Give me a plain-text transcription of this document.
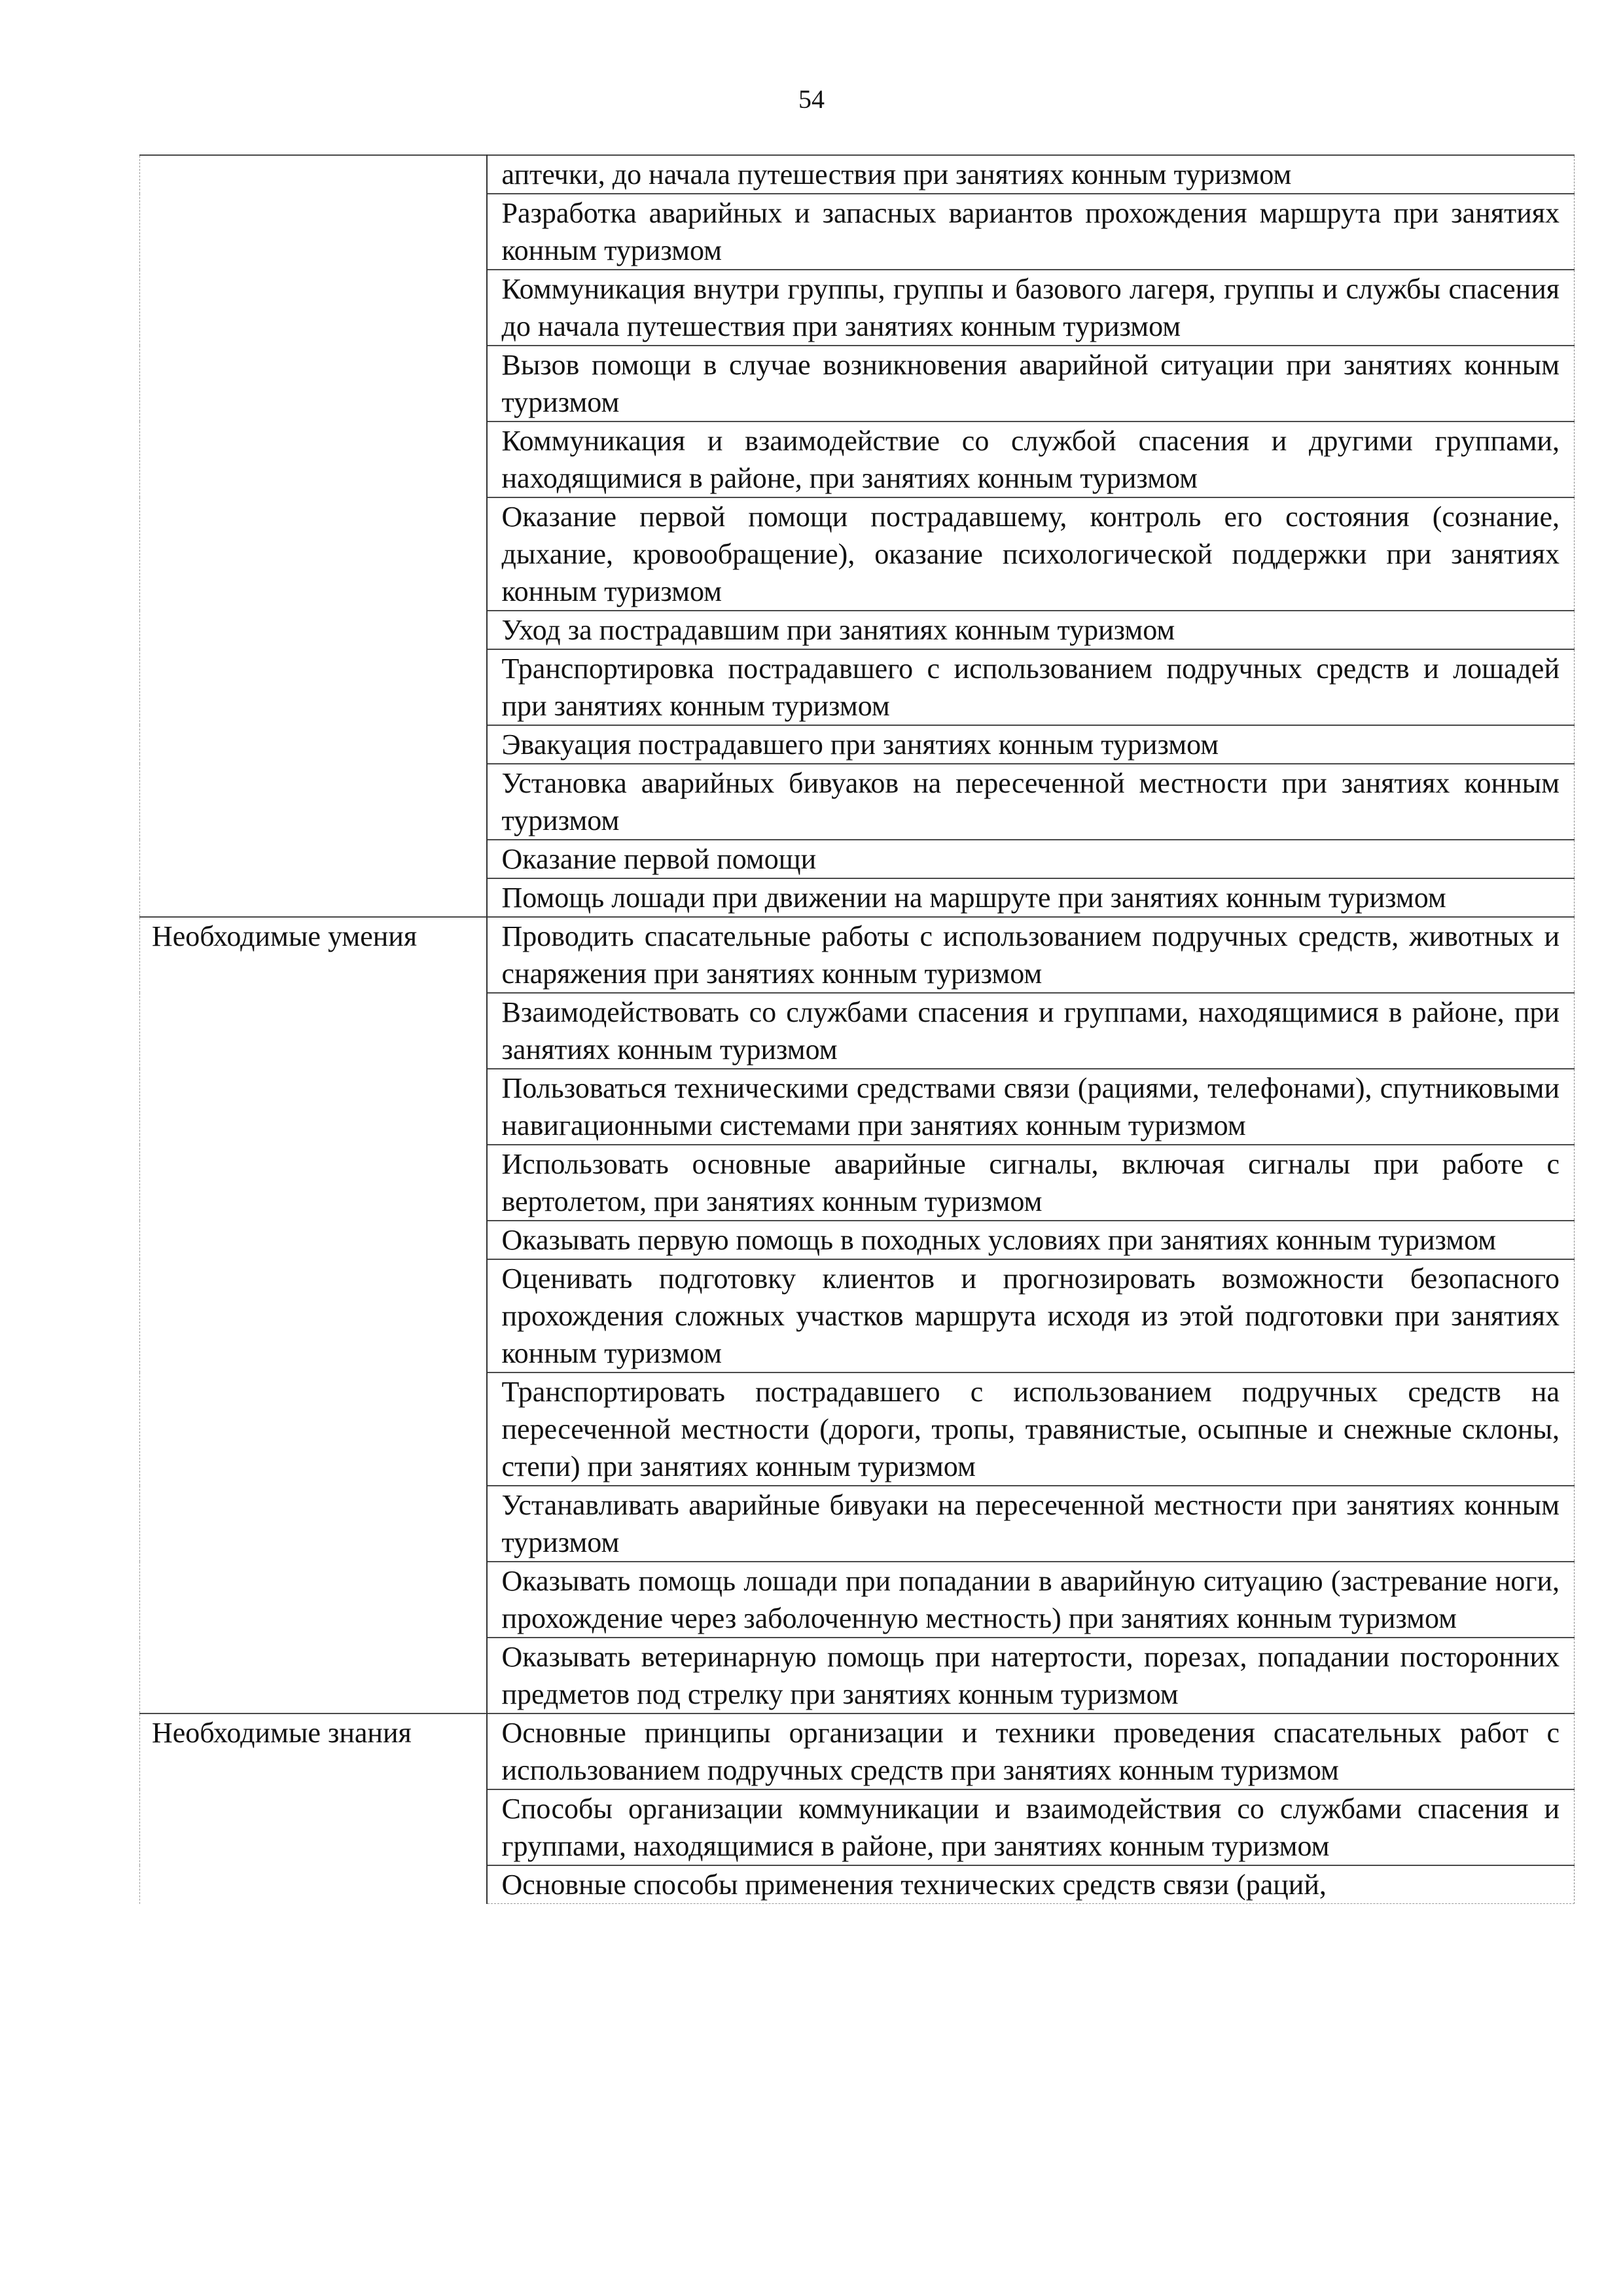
54
	аптечки, до начала путешествия при занятиях конным туризмом
	Разработка аварийных и запасных вариантов прохождения маршрута при занятиях конным туризмом
	Коммуникация внутри группы, группы и базового лагеря, группы и службы спасения до начала путешествия при занятиях конным туризмом
	Вызов помощи в случае возникновения аварийной ситуации при занятиях конным туризмом
	Коммуникация и взаимодействие со службой спасения и другими группами, находящимися в районе, при занятиях конным туризмом
	Оказание первой помощи пострадавшему, контроль его состояния (сознание, дыхание, кровообращение), оказание психологической поддержки при занятиях конным туризмом
	Уход за пострадавшим при занятиях конным туризмом
	Транспортировка пострадавшего с использованием подручных средств и лошадей при занятиях конным туризмом
	Эвакуация пострадавшего при занятиях конным туризмом
	Установка аварийных бивуаков на пересеченной местности при занятиях конным туризмом
	Оказание первой помощи
	Помощь лошади при движении на маршруте при занятиях конным туризмом
Необходимые умения	Проводить спасательные работы с использованием подручных средств, животных и снаряжения при занятиях конным туризмом
	Взаимодействовать со службами спасения и группами, находящимися в районе, при занятиях конным туризмом
	Пользоваться техническими средствами связи (рациями, телефонами), спутниковыми навигационными системами при занятиях конным туризмом
	Использовать основные аварийные сигналы, включая сигналы при работе с вертолетом, при занятиях конным туризмом
	Оказывать первую помощь в походных условиях при занятиях конным туризмом
	Оценивать подготовку клиентов и прогнозировать возможности безопасного прохождения сложных участков маршрута исходя из этой подготовки при занятиях конным туризмом
	Транспортировать пострадавшего с использованием подручных средств на пересеченной местности (дороги, тропы, травянистые, осыпные и снежные склоны, степи) при занятиях конным туризмом
	Устанавливать аварийные бивуаки на пересеченной местности при занятиях конным туризмом
	Оказывать помощь лошади при попадании в аварийную ситуацию (застревание ноги, прохождение через заболоченную местность) при занятиях конным туризмом
	Оказывать ветеринарную помощь при натертости, порезах, попадании посторонних предметов под стрелку при занятиях конным туризмом
Необходимые знания	Основные принципы организации и техники проведения спасательных работ с использованием подручных средств при занятиях конным туризмом
	Способы организации коммуникации и взаимодействия со службами спасения и группами, находящимися в районе, при занятиях конным туризмом
	Основные способы применения технических средств связи (раций,
